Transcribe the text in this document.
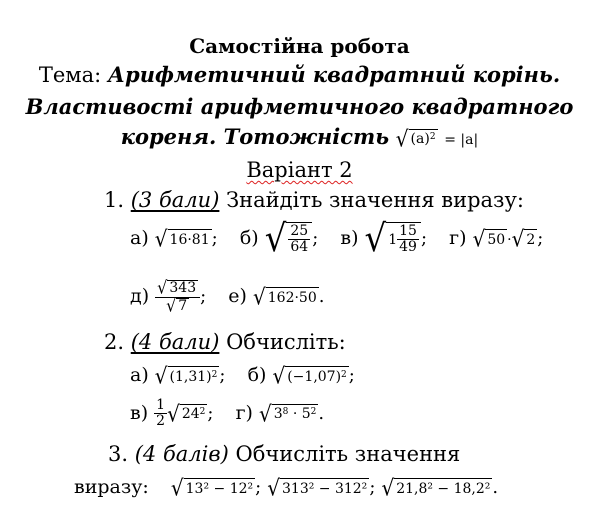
Самостійна робота
Тема: Арифметичний квадратний корінь.
Властивості арифметичного квадратного
кореня. Тотожність √ $(a)^2 = |a|$
Варіант 2
1. (3 бали) Знайдіть значення виразу:
а) √ 16·81 ; б) √ $\frac{25}{64}$ ; в) √ $1 \frac{15}{49}$ ; г) √ 50 · √ 2 ;
$д) \frac{√ 343}{√ 7}$ ; е) √ 162·50 .
2. (4 бали) Обчисліть:
а) √ $(1,31)^2$ ; б) √ $(-1,07)^2$ ;
$в) \frac{1}{2}$ √ $24^2$ ; г) √ $3^8$
· $5^2$ .
3. (4 балів) Обчисліть значення
виразу: √ 13² − 12² ; √ 313² − 312² ; √ 21,8² − 18,2² .
